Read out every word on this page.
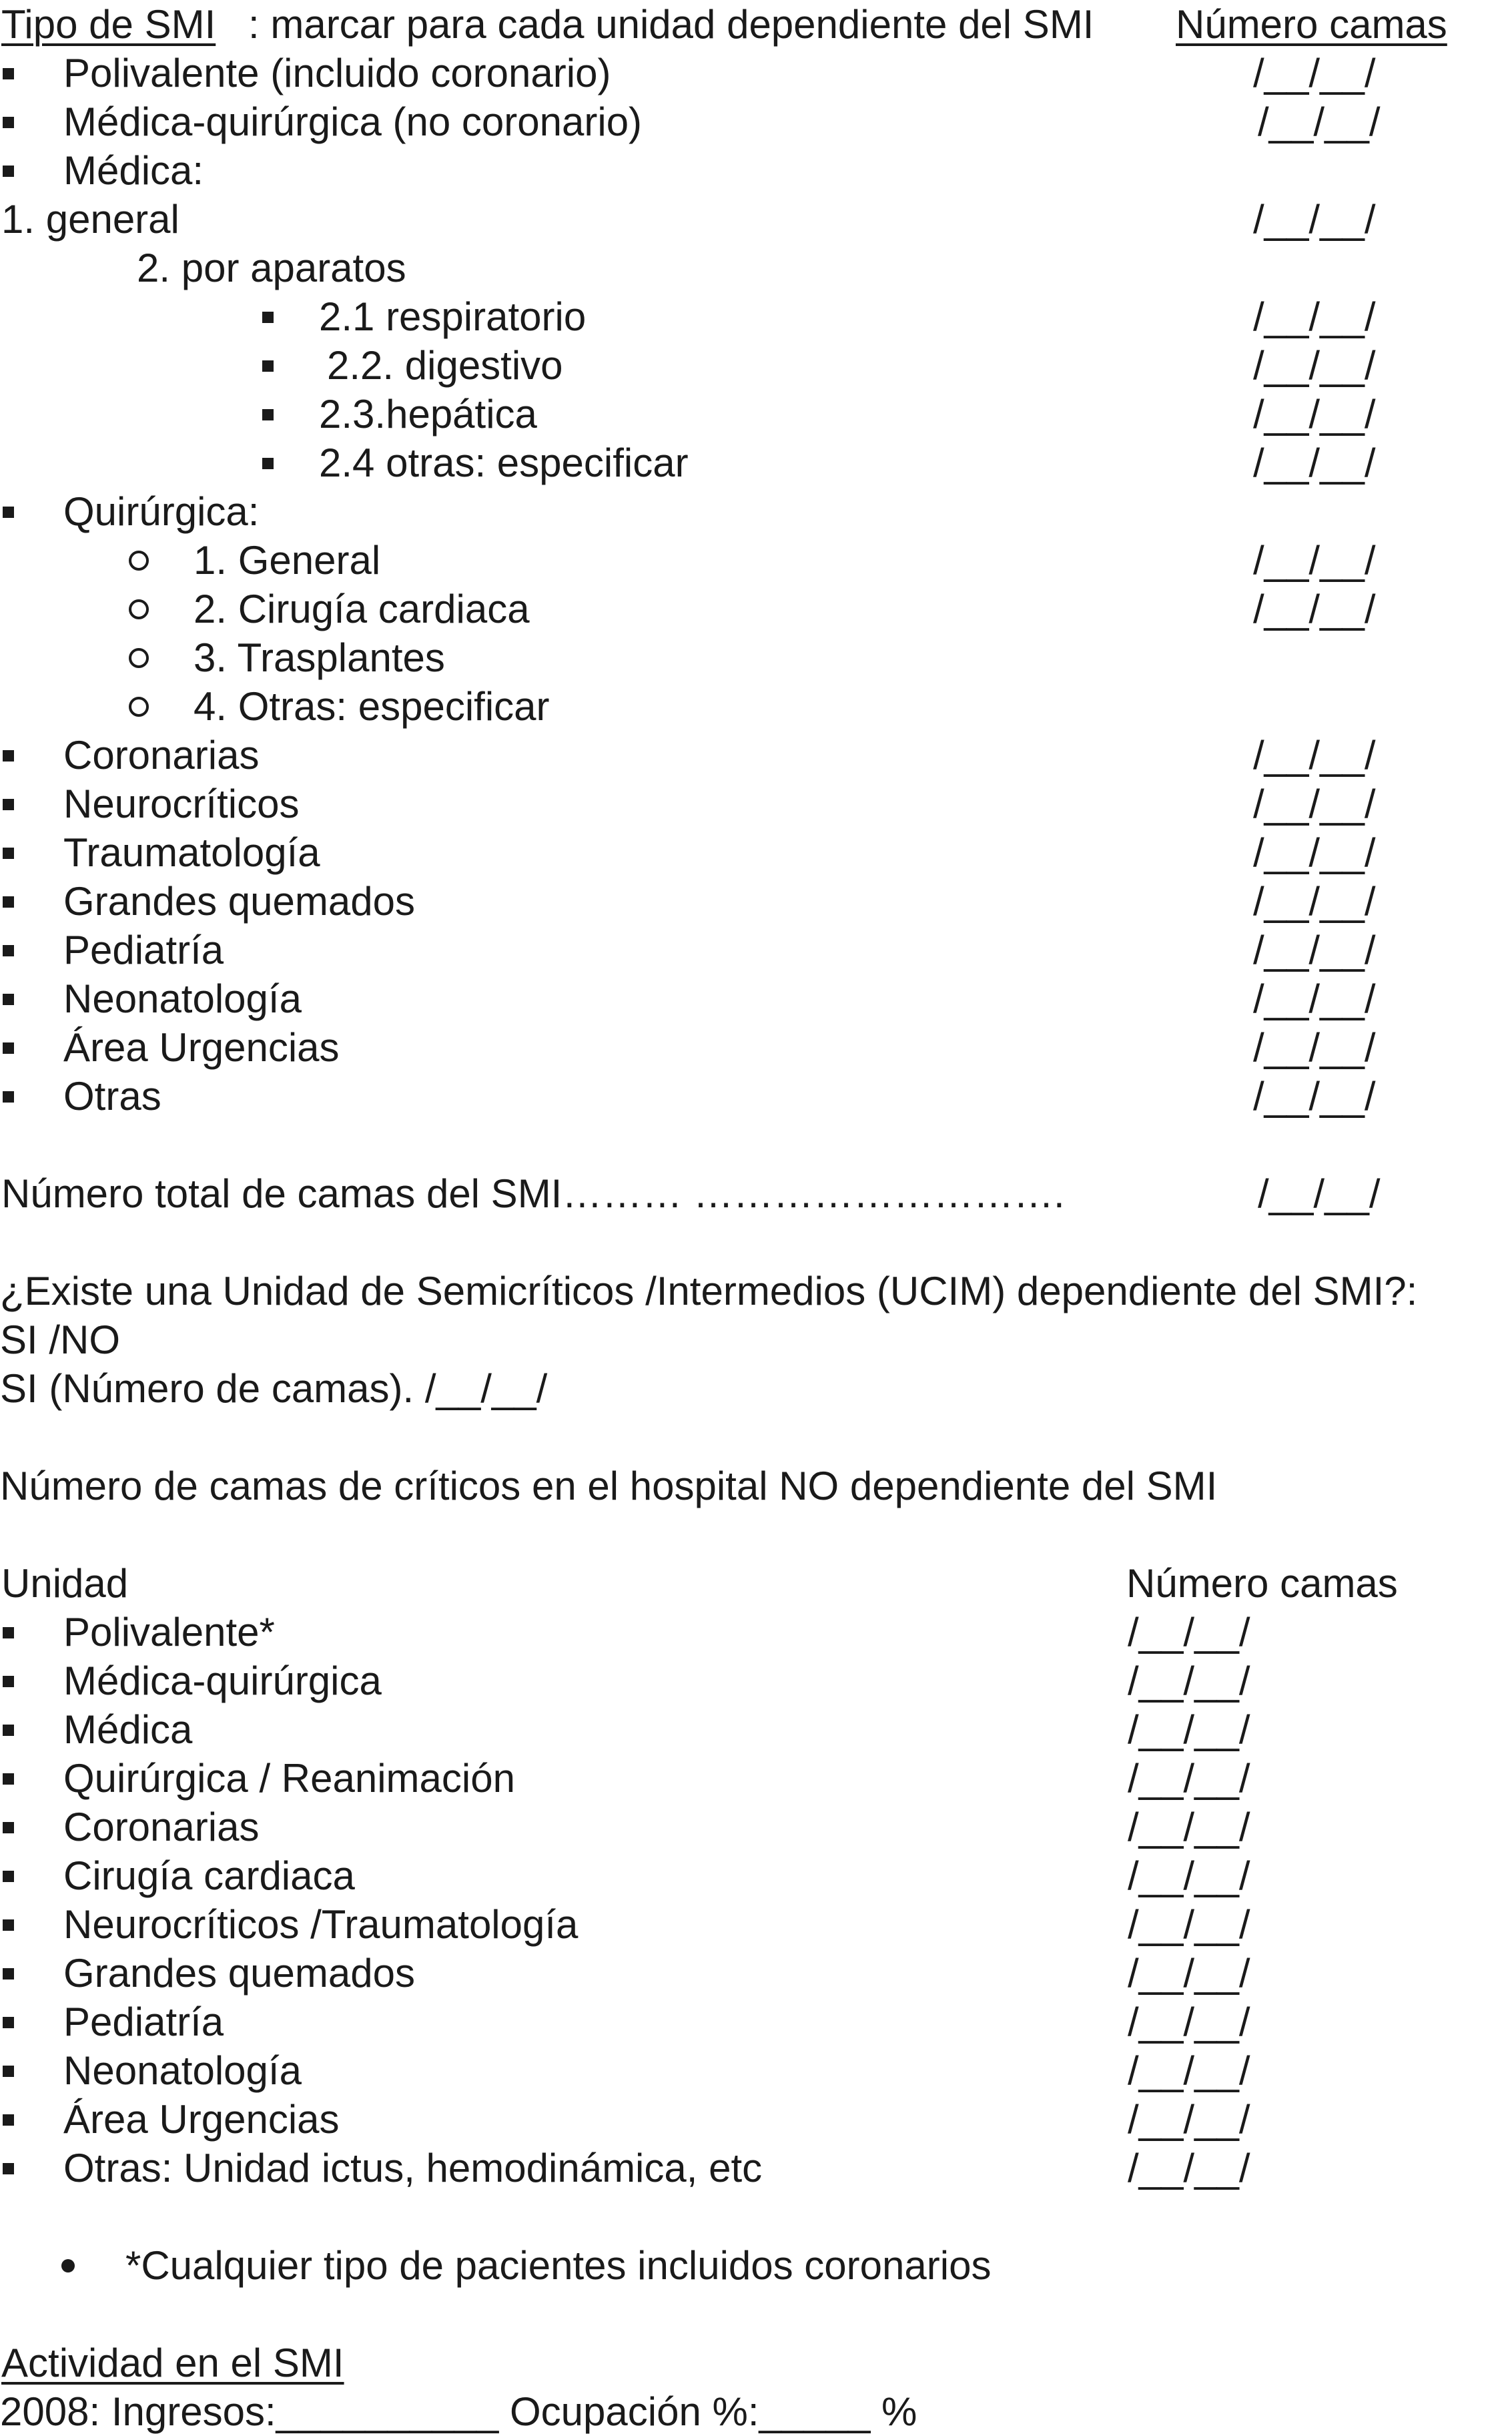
Tipo de SMI : marcar para cada unidad dependiente del SMI Número camas
Polivalente (incluido coronario)	/__/__/
Médica-quirúrgica (no coronario)	/__/__/
Médica:
1. general	/__/__/
2. por aparatos
2.1 respiratorio	/__/__/
2.2. digestivo	/__/__/
2.3.hepática	/__/__/
2.4 otras: especificar	/__/__/
Quirúrgica:
1. General	/__/__/
2. Cirugía cardiaca	/__/__/
3. Trasplantes
4. Otras: especificar
Coronarias	/__/__/
Neurocríticos	/__/__/
Traumatología	/__/__/
Grandes quemados	/__/__/
Pediatría	/__/__/
Neonatología	/__/__/
Área Urgencias	/__/__/
Otras	/__/__/
Número total de camas del SMI……… ……………………….	/__/__/
¿Existe una Unidad de Semicríticos /Intermedios (UCIM) dependiente del SMI?:
SI /NO
SI (Número de camas). /__/__/
Número de camas de críticos en el hospital NO dependiente del SMI
Unidad	Número camas
Polivalente*	/__/__/
Médica-quirúrgica	/__/__/
Médica	/__/__/
Quirúrgica / Reanimación	/__/__/
Coronarias	/__/__/
Cirugía cardiaca	/__/__/
Neurocríticos /Traumatología	/__/__/
Grandes quemados	/__/__/
Pediatría	/__/__/
Neonatología	/__/__/
Área Urgencias	/__/__/
Otras: Unidad ictus, hemodinámica, etc	/__/__/
*Cualquier tipo de pacientes incluidos coronarios
Actividad en el SMI
2008: Ingresos:__________ Ocupación %:_____ %
